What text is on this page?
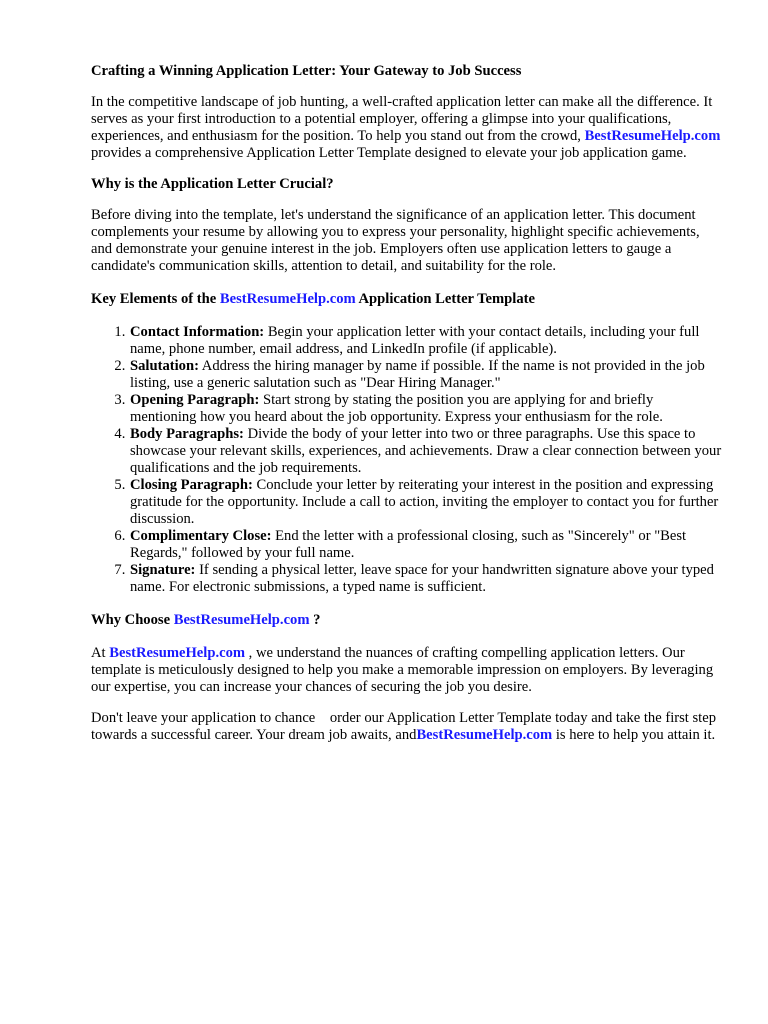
Crafting a Winning Application Letter: Your Gateway to Job Success

In the competitive landscape of job hunting, a well-crafted application letter can make all the difference. It serves as your first introduction to a potential employer, offering a glimpse into your qualifications, experiences, and enthusiasm for the position. To help you stand out from the crowd, BestResumeHelp.com provides a comprehensive Application Letter Template designed to elevate your job application game.

Why is the Application Letter Crucial?

Before diving into the template, let's understand the significance of an application letter. This document complements your resume by allowing you to express your personality, highlight specific achievements, and demonstrate your genuine interest in the job. Employers often use application letters to gauge a candidate's communication skills, attention to detail, and suitability for the role.

Key Elements of the BestResumeHelp.com Application Letter Template
1. Contact Information: Begin your application letter with your contact details, including your full name, phone number, email address, and LinkedIn profile (if applicable).
2. Salutation: Address the hiring manager by name if possible. If the name is not provided in the job listing, use a generic salutation such as "Dear Hiring Manager."
3. Opening Paragraph: Start strong by stating the position you are applying for and briefly mentioning how you heard about the job opportunity. Express your enthusiasm for the role.
4. Body Paragraphs: Divide the body of your letter into two or three paragraphs. Use this space to showcase your relevant skills, experiences, and achievements. Draw a clear connection between your qualifications and the job requirements.
5. Closing Paragraph: Conclude your letter by reiterating your interest in the position and expressing gratitude for the opportunity. Include a call to action, inviting the employer to contact you for further discussion.
6. Complimentary Close: End the letter with a professional closing, such as "Sincerely" or "Best Regards," followed by your full name.
7. Signature: If sending a physical letter, leave space for your handwritten signature above your typed name. For electronic submissions, a typed name is sufficient.
Why Choose BestResumeHelp.com ?

At BestResumeHelp.com , we understand the nuances of crafting compelling application letters. Our template is meticulously designed to help you make a memorable impression on employers. By leveraging our expertise, you can increase your chances of securing the job you desire.

Don't leave your application to chance    order our Application Letter Template today and take the first step towards a successful career. Your dream job awaits, andBestResumeHelp.com is here to help you attain it.
